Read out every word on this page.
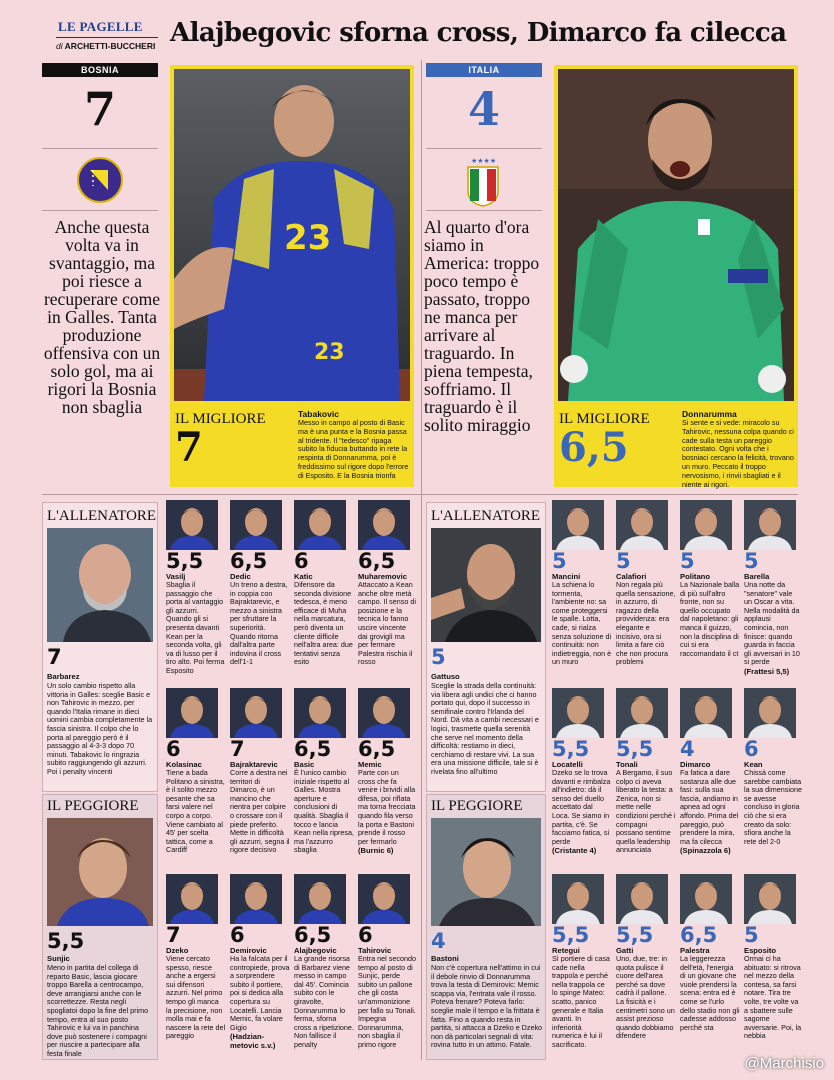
LE PAGELLE
di ARCHETTI-BUCCHERI Alajbegovic sforna cross, Dimarco fa cilecca
BOSNIA
7
Anche questa volta va in svantaggio, ma poi riesce a recuperare come in Galles. Tanta produzione offensiva con un solo gol, ma ai rigori la Bosnia non sbaglia
23
23
IL MIGLIORE
7
Tabakovic
Messo in campo al posto di Basic ma è una punta e la Bosnia passa al tridente. Il "tedesco" ripaga subito la fiducia buttando in rete la respinta di Donnarumma, poi è freddissimo sul rigore dopo l'errore di Esposito. E la Bosnia trionfa
ITALIA
4
★★★★
Al quarto d'ora siamo in America: troppo poco tempo è passato, troppo ne manca per arrivare al traguardo. In piena tempesta, soffriamo. Il traguardo è il solito miraggio	IL MIGLIORE
6,5
Donnarumma
Si sente e si vede: miracolo su Tahirovic, nessuna colpa quando ci cade sulla testa un pareggio contestato. Ogni volta che i bosniaci cercano la felicità, trovano un muro. Peccato il troppo nervosismo, i rinvii sbagliati e il niente ai rigori.
L'ALLENATORE
7
Barbarez
Un solo cambio rispetto alla vittoria in Galles: sceglie Basic e non Tahirovic in mezzo, per quando l'Italia rimane in dieci uomini cambia completamente la fascia sinistra. Il colpo che lo porta al pareggio però è il passaggio al 4-3-3 dopo 70 minuti. Tabakovic lo ringrazia subito raggiungendo gli azzurri. Poi i penalty vincenti
IL PEGGIORE
5,5
Sunjic
Meno in partita del collega di reparto Basic, lascia giocare troppo Barella a centrocampo, deve arrangiarsi anche con le scorrettezze. Resta negli spogliatoi dopo la fine del primo tempo, entra al suo posto Tahirovic e lui va in panchina dove può sostenere i compagni per riuscire a partecipare alla festa finale
5,5
Vasilj
Sbaglia il passaggio che porta al vantaggio gli azzurri. Quando gli si presenta davanti Kean per la seconda volta, gli va di lusso per il tiro alto. Poi ferma Esposito
6,5
Dedic
Un treno a destra, in coppia con Bajraktarevic, e mezzo a sinistra per sfruttare la superiorità. Quando ritorna dall'altra parte indovina il cross dell'1-1
6
Katic
Difensore da seconda divisione tedesca, è meno efficace di Muha nella marcatura, però diventa un cliente difficile nell'altra area: due tentativi senza esito
6,5
Muharemovic
Attaccato a Kean anche oltre metà campo. Il senso di posizione e la tecnica lo fanno uscire vincente dai groviglì ma per fermare Palestra rischia il rosso
6
Kolasinac
Tiene a bada Politano a sinistra, è il solito mezzo pesante che sa farsi valere nel corpo a corpo. Viene cambiato al 45' per scelta tattica, come a Cardiff
7
Bajraktarevic
Corre a destra nei territori di Dimarco, è un mancino che rientra per colpire o crossare con il piede preferito. Mette in difficoltà gli azzurri, segna il rigore decisivo
6,5
Basic
È l'unico cambio iniziale rispetto al Galles. Mostra aperture e conclusioni di qualità. Sbaglia il tocco e lancia Kean nella ripresa, ma l'azzurro sbaglia
6,5
Memic
Parte con un cross che fa venire i brividi alla difesa, poi riflata ma torna frecciata quando fila verso la porta e Bastoni prende il rosso per fermarlo
(Burnic 6)
7
Dzeko
Viene cercato spesso, riesce anche a ergersi sui difensori azzurri. Nel primo tempo gli manca la precisione, non molla mai e fa nascere la rete del pareggio
6
Demirovic
Ha la falcata per il contropiede, prova a sorprendere subito il portiere, poi si dedica alla copertura su Locatelli. Lancia Memic, fa volare Gigio
(Hadzian-metovic s.v.)
6,5
Alajbegovic
La grande risorsa di Barbarez viene messo in campo dal 45'. Comincia subito con le giravolte, Donnarumma lo ferma, sforna cross a ripetizione. Non fallisce il penalty
6
Tahirovic
Entra nel secondo tempo al posto di Sunjic, perde subito un pallone che gli costa un'ammonizione per fallo su Tonali. Impegna Donnarumma, non sbaglia il primo rigore
L'ALLENATORE
5
Gattuso
Sceglie la strada della continuità: via libera agli undici che ci hanno portato qui, dopo il successo in semifinale contro l'Irlanda del Nord. Dà vita a cambi necessari e logici, trasmette quella serenità che serve nel momento della difficoltà: restiamo in dieci, cerchiamo di restare vivi. La sua era una missione difficile, tale si è rivelata fino all'ultimo
IL PEGGIORE
4
Bastoni
Non c'è copertura nell'attimo in cui il debole rinvio di Donnarumma trova la testa di Demirovic: Memic scappa via, l'entrata vale il rosso. Poteva frenare? Poteva farlo: sceglie male il tempo e la frittata è fatta. Fino a quando resta in partita, si attacca a Dzeko e Dzeko non dà particolari segnali di vita: rovina tutto in un attimo. Fatale.
5
Mancini
La schiena lo tormenta, l'ambiente no: sa come proteggersi le spalle. Lotta, cade, si rialza senza soluzione di continuità: non indietreggia, non è un muro
5
Calafiori
Non regala più quella sensazione, in azzurro, di ragazzo della provvidenza: era elegante e incisivo, ora si limita a fare ciò che non procura problemi
5
Politano
La Nazionale balla di più sull'altro fronte, non su quello occupato dal napoletano: gli manca il guizzo, non la disciplina di cui si era raccomandato il ct
5
Barella
Una notte da "senatore" vale un Oscar a vita. Nella modalità da applausi comincia, non finisce: quando guarda in faccia gli avversari in 10 si perde
(Frattesi 5,5)
5,5
Locatelli
Dzeko se lo trova davanti e rimbalza all'indietro: dà il senso del duello accettato dal Loca. Se siamo in partita, c'è. Se facciamo fatica, si perde
(Cristante 4)
5,5
Tonali
A Bergamo, il suo colpo ci aveva liberato la testa: a Zenica, non si mette nelle condizioni perché i compagni possano sentirne quella leadership annunciata
4
Dimarco
Fa fatica a dare sostanza alle due fasi: sulla sua fascia, andiamo in apnea ad ogni affondo. Prima del pareggio, può prendere la mira, ma fa cilecca
(Spinazzola 6)
6
Kean
Chissà come sarebbe cambiata la sua dimensione se avesse concluso in gloria ciò che si era creato da solo: sfiora anche la rete del 2-0
5,5
Retegui
Sì portiere di casa cade nella trappola e perché nella trappola ce lo spinge Mateo: scatto, panico generale e Italia avanti. In inferiorità numerica è lui il sacrificato.
5,5
Gatti
Uno, due, tre: in quota pulisce il cuore dell'area perché sa dove cadrà il pallone. La fisicità e i centimetri sono un assist prezioso quando dobbiamo difendere
6,5
Palestra
La leggerezza dell'età, l'energia di un giovane che vuole prendersi la scena: entra ed è come se l'urlo dello stadio non gli cadesse addosso perché sta
5
Esposito
Ormai ci ha abituato: si ritrova nel mezzo della contesa, sa farsi notare. Tira tre volte, tre volte va a sbattere sulle sagome avversarie. Poi, la nebbia
@Marchisio
